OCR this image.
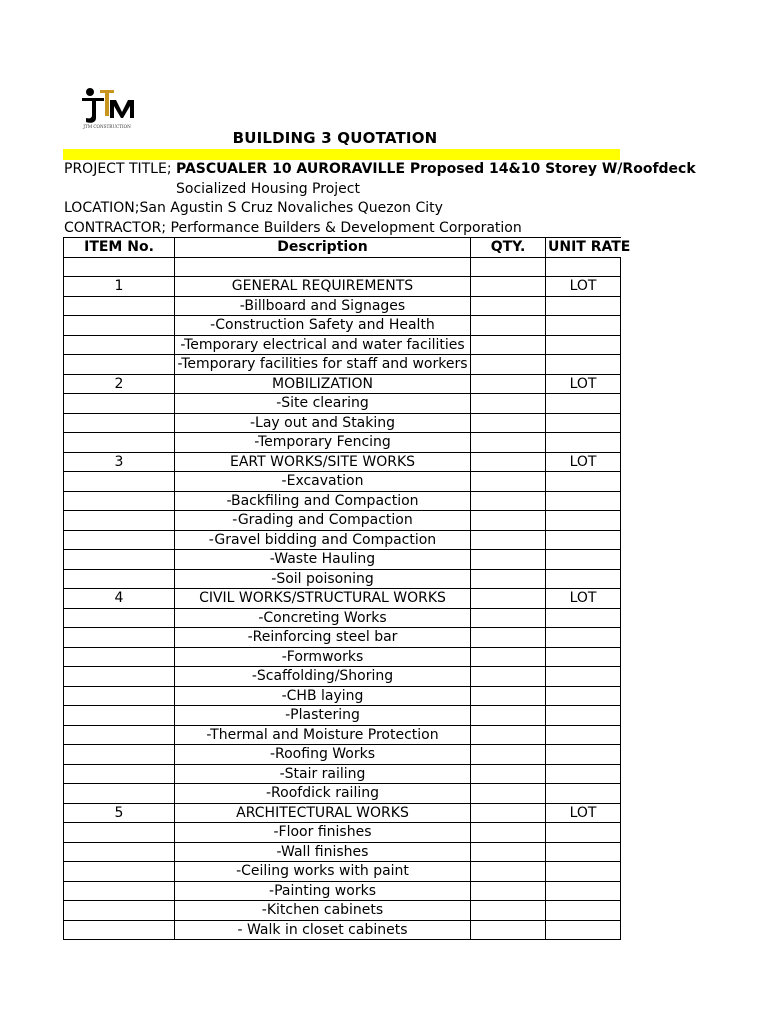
JTM CONSTRUCTION
BUILDING 3 QUOTATION
PROJECT TITLE; PASCUALER 10 AURORAVILLE Proposed 14&10 Storey W/Roofdeck
Socialized Housing Project
LOCATION;San Agustin S Cruz Novaliches Quezon City
CONTRACTOR; Performance Builders & Development Corporation
ITEM No.	Description	QTY.	UNIT RATE

1	GENERAL REQUIREMENTS		LOT
	-Billboard and Signages		
	-Construction Safety and Health		
	-Temporary electrical and water facilities		
	-Temporary facilities for staff and workers		
2	MOBILIZATION		LOT
	-Site clearing		
	-Lay out and Staking		
	-Temporary Fencing		
3	EART WORKS/SITE WORKS		LOT
	-Excavation		
	-Backfiling and Compaction		
	-Grading and Compaction		
	-Gravel bidding and Compaction		
	-Waste Hauling		
	-Soil poisoning		
4	CIVIL WORKS/STRUCTURAL WORKS		LOT
	-Concreting Works		
	-Reinforcing steel bar		
	-Formworks		
	-Scaffolding/Shoring		
	-CHB laying		
	-Plastering		
	-Thermal and Moisture Protection		
	-Roofing Works		
	-Stair railing		
	-Roofdick railing		
5	ARCHITECTURAL WORKS		LOT
	-Floor finishes		
	-Wall finishes		
	-Ceiling works with paint		
	-Painting works		
	-Kitchen cabinets		
	- Walk in closet cabinets		
